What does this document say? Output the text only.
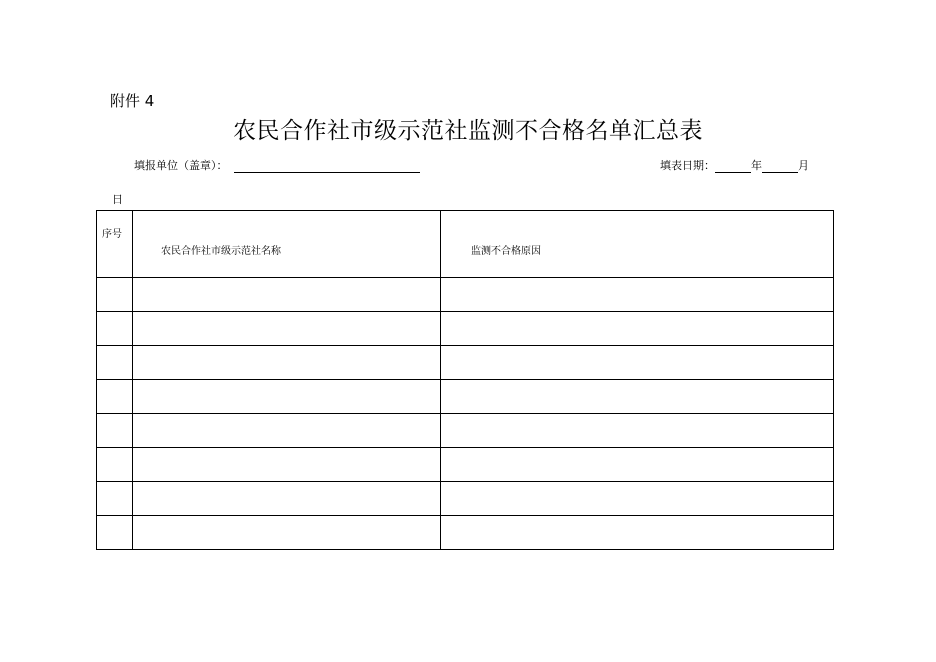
附件 4
农民合作社市级示范社监测不合格名单汇总表
填报单位（盖章）：	填表日期：	年	月
日
序号	农民合作社市级示范社名称	监测不合格原因
